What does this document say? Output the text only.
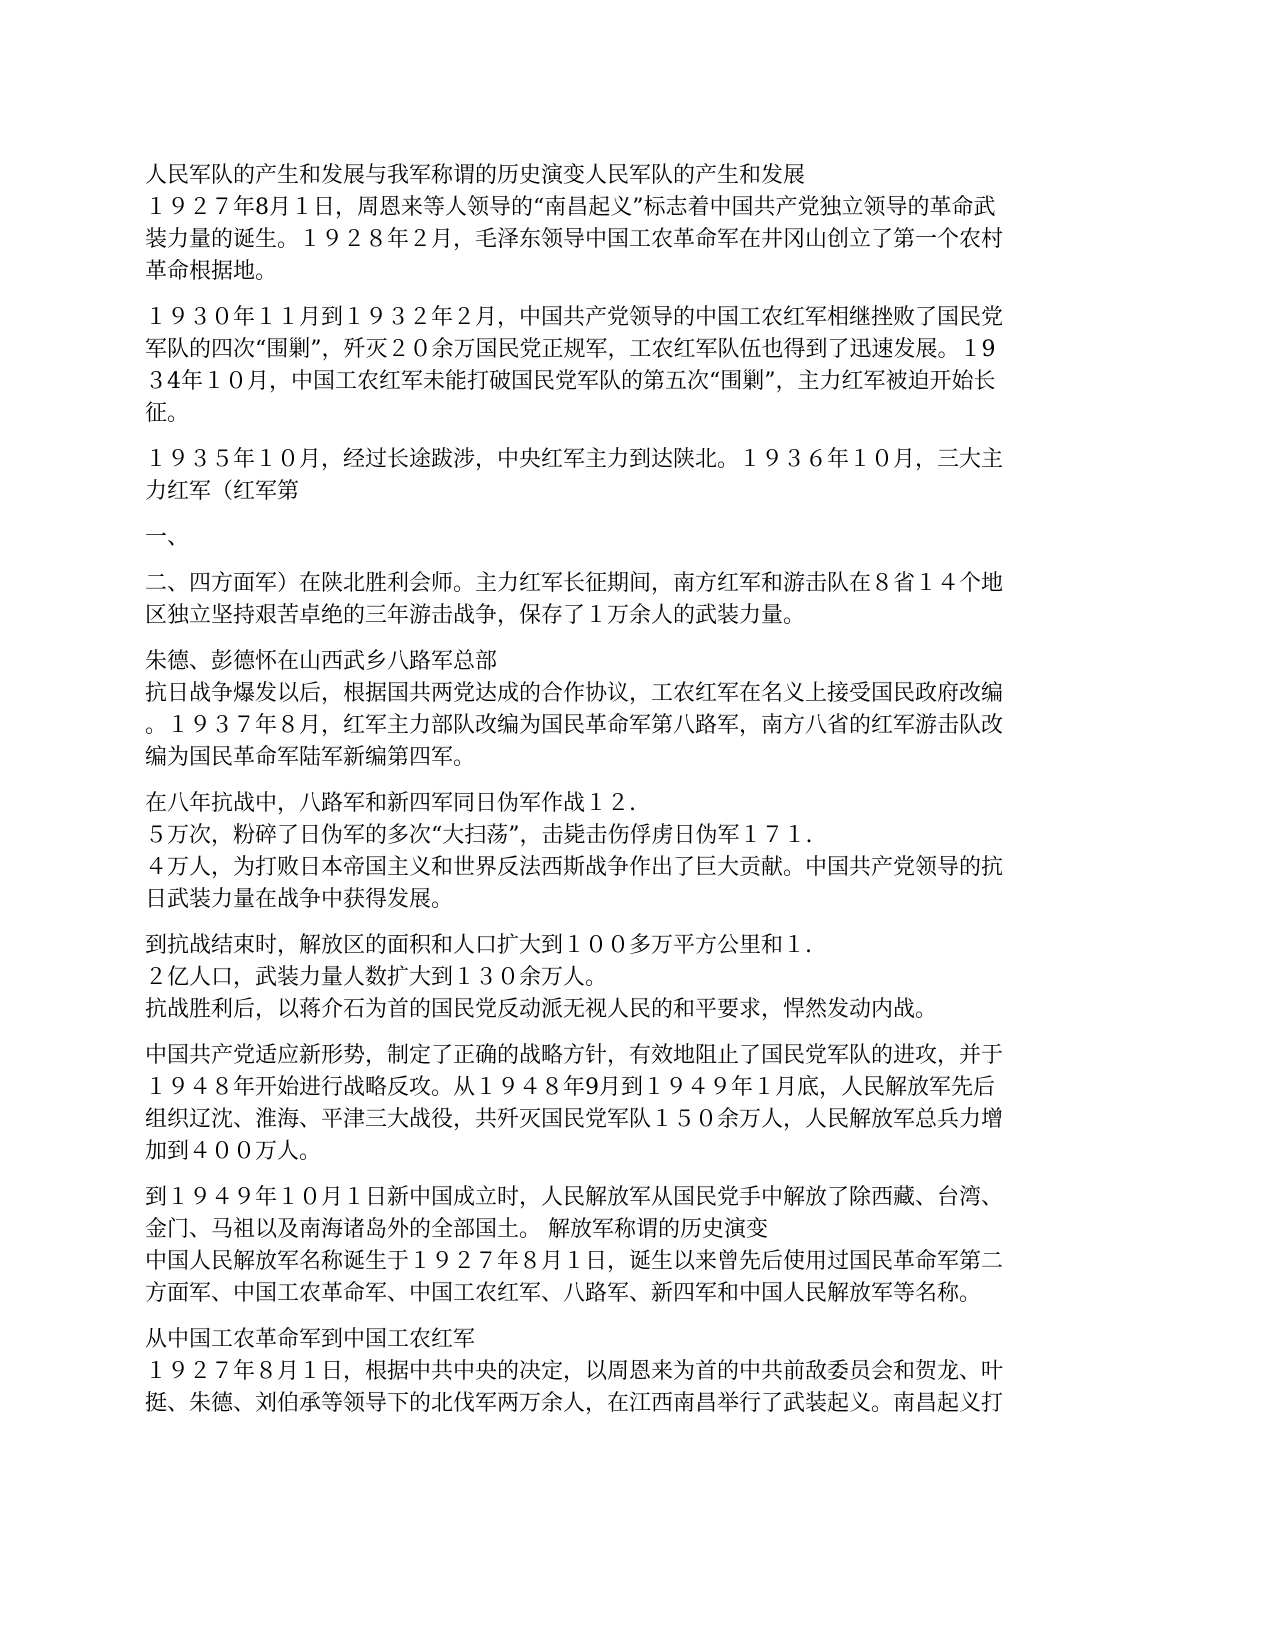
人民军队的产生和发展与我军称谓的历史演变人民军队的产生和发展
１９２７年8月１日，周恩来等人领导的“南昌起义”标志着中国共产党独立领导的革命武
装力量的诞生。１９２８年２月，毛泽东领导中国工农革命军在井冈山创立了第一个农村
革命根据地。
１９３０年１１月到１９３２年２月，中国共产党领导的中国工农红军相继挫败了国民党
军队的四次“围剿”，歼灭２０余万国民党正规军，工农红军队伍也得到了迅速发展。１9
３4年１０月，中国工农红军未能打破国民党军队的第五次“围剿”，主力红军被迫开始长
征。
１９３５年１０月，经过长途跋涉，中央红军主力到达陕北。１９３６年１０月，三大主
力红军（红军第
一、
二、四方面军）在陕北胜利会师。主力红军长征期间，南方红军和游击队在８省１４个地
区独立坚持艰苦卓绝的三年游击战争，保存了１万余人的武装力量。
朱德、彭德怀在山西武乡八路军总部
抗日战争爆发以后，根据国共两党达成的合作协议，工农红军在名义上接受国民政府改编
。１９３７年８月，红军主力部队改编为国民革命军第八路军，南方八省的红军游击队改
编为国民革命军陆军新编第四军。
在八年抗战中，八路军和新四军同日伪军作战１２.
５万次，粉碎了日伪军的多次“大扫荡”，击毙击伤俘虏日伪军１７１.
４万人，为打败日本帝国主义和世界反法西斯战争作出了巨大贡献。中国共产党领导的抗
日武装力量在战争中获得发展。
到抗战结束时，解放区的面积和人口扩大到１００多万平方公里和１.
２亿人口，武装力量人数扩大到１３０余万人。
抗战胜利后，以蒋介石为首的国民党反动派无视人民的和平要求，悍然发动内战。
中国共产党适应新形势，制定了正确的战略方针，有效地阻止了国民党军队的进攻，并于
１９４８年开始进行战略反攻。从１９４８年9月到１９４９年１月底，人民解放军先后
组织辽沈、淮海、平津三大战役，共歼灭国民党军队１５０余万人，人民解放军总兵力增
加到４００万人。
到１９４９年１０月１日新中国成立时，人民解放军从国民党手中解放了除西藏、台湾、
金门、马祖以及南海诸岛外的全部国土。 解放军称谓的历史演变
中国人民解放军名称诞生于１９２７年８月１日，诞生以来曾先后使用过国民革命军第二
方面军、中国工农革命军、中国工农红军、八路军、新四军和中国人民解放军等名称。
从中国工农革命军到中国工农红军
１９２７年８月１日，根据中共中央的决定，以周恩来为首的中共前敌委员会和贺龙、叶
挺、朱德、刘伯承等领导下的北伐军两万余人，在江西南昌举行了武装起义。南昌起义打
